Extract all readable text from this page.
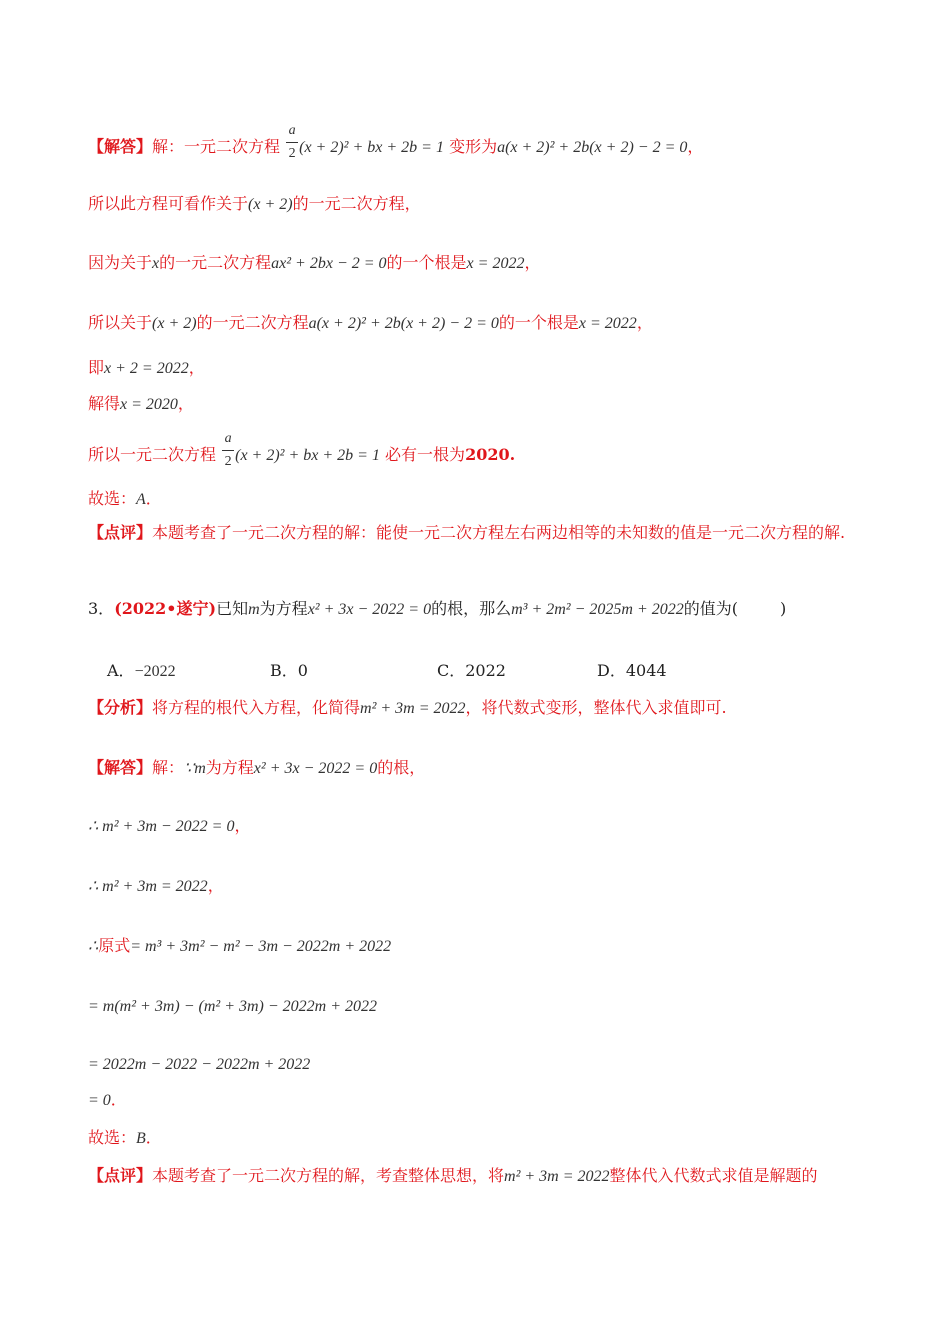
【解答】解：一元二次方程 $\frac{a}{2} (x + 2)^2$ + bx + 2b = 1 变形为a(x + 2)² + 2b(x + 2) − 2 = 0，
所以此方程可看作关于(x + 2)的一元二次方程，
因为关于x的一元二次方程ax² + 2bx − 2 = 0的一个根是x = 2022，
所以关于(x + 2)的一元二次方程a(x + 2)² + 2b(x + 2) − 2 = 0的一个根是x = 2022，
即x + 2 = 2022，
解得x = 2020，
所以一元二次方程 $\frac{a}{2} (x + 2)^2$ + bx + 2b = 1 必有一根为2020.
故选：A．
【点评】本题考查了一元二次方程的解：能使一元二次方程左右两边相等的未知数的值是一元二次方程的解.
3．(2022•遂宁)已知m为方程x² + 3x − 2022 = 0的根，那么m³ + 2m² − 2025m + 2022的值为(	)
A．−2022	B．0	C．2022	D．4044
【分析】将方程的根代入方程，化简得m² + 3m = 2022，将代数式变形，整体代入求值即可.
【解答】解：∵m为方程x² + 3x − 2022 = 0的根，
∴ m² + 3m − 2022 = 0，
∴ m² + 3m = 2022，
∴原式= m³ + 3m² − m² − 3m − 2022m + 2022
= m(m² + 3m) − (m² + 3m) − 2022m + 2022
= 2022m − 2022 − 2022m + 2022
= 0．
故选：B．
【点评】本题考查了一元二次方程的解，考查整体思想，将m² + 3m = 2022整体代入代数式求值是解题的
